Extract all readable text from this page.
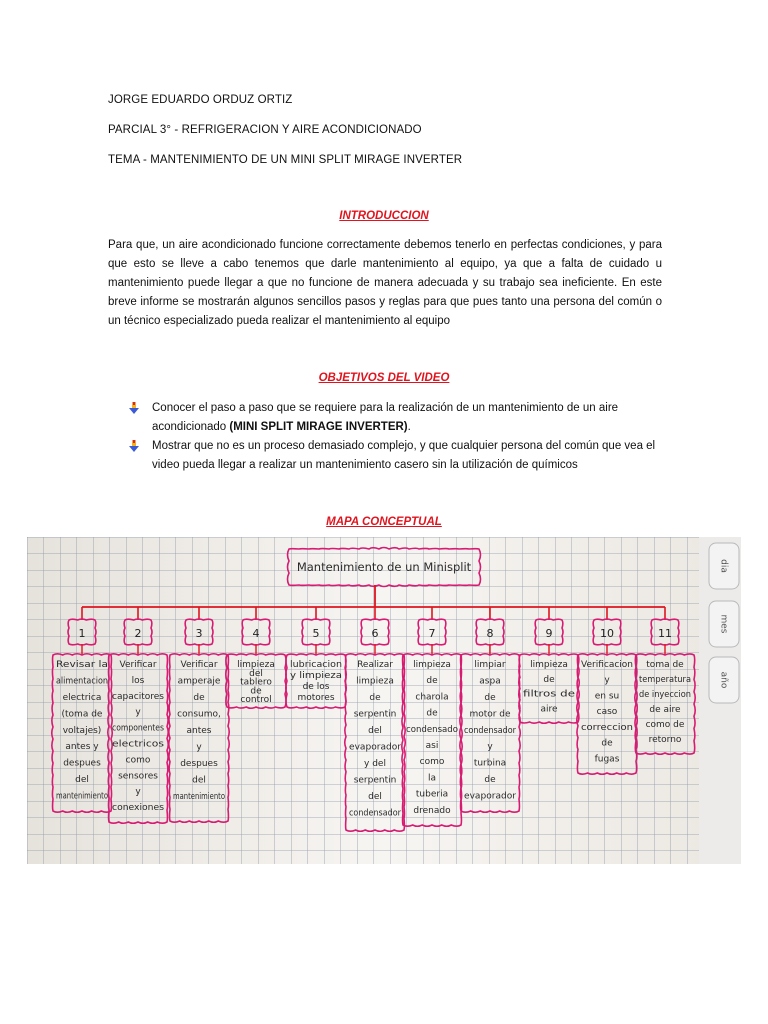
JORGE EDUARDO ORDUZ ORTIZ
PARCIAL 3° - REFRIGERACION Y AIRE ACONDICIONADO
TEMA - MANTENIMIENTO DE UN MINI SPLIT MIRAGE INVERTER
INTRODUCCION

Para que, un aire acondicionado funcione correctamente debemos tenerlo en perfectas condiciones, y para que esto se lleve a cabo tenemos que darle mantenimiento al equipo, ya que a falta de cuidado u mantenimiento puede llegar a que no funcione de manera adecuada y su trabajo sea ineficiente. En este breve informe se mostrarán algunos sencillos pasos y reglas para que pues tanto una persona del común o un técnico especializado pueda realizar el mantenimiento al equipo

OBJETIVOS DEL VIDEO
Conocer el paso a paso que se requiere para la realización de un mantenimiento de un aire acondicionado (MINI SPLIT MIRAGE INVERTER).
Mostrar que no es un proceso demasiado complejo, y que cualquier persona del común que vea el video pueda llegar a realizar un mantenimiento casero sin la utilización de químicos
MAPA CONCEPTUAL
dia
mes
año
Mantenimiento de un Minisplit
1
Revisar la
alimentacion
electrica
(toma de
voltajes)
antes y
despues
del
mantenimiento
2
Verificar
los
capacitores
y
componentes
electricos
como
sensores
y
conexiones
3
Verificar
amperaje
de
consumo,
antes
y
despues
del
mantenimiento
4
limpieza
del
tablero
de
control
5
lubricacion
y limpieza
de los
motores
6
Realizar
limpieza
de
serpentin
del
evaporador
y del
serpentin
del
condensador
7
limpieza
de
charola
de
condensado
asi
como
la
tuberia
drenado
8
limpiar
aspa
de
motor de
condensador
y
turbina
de
evaporador
9
limpieza
de
filtros de
aire
10
Verificacion
y
en su
caso
correccion
de
fugas
11
toma de
temperatura
de inyeccion
de aire
como de
retorno
